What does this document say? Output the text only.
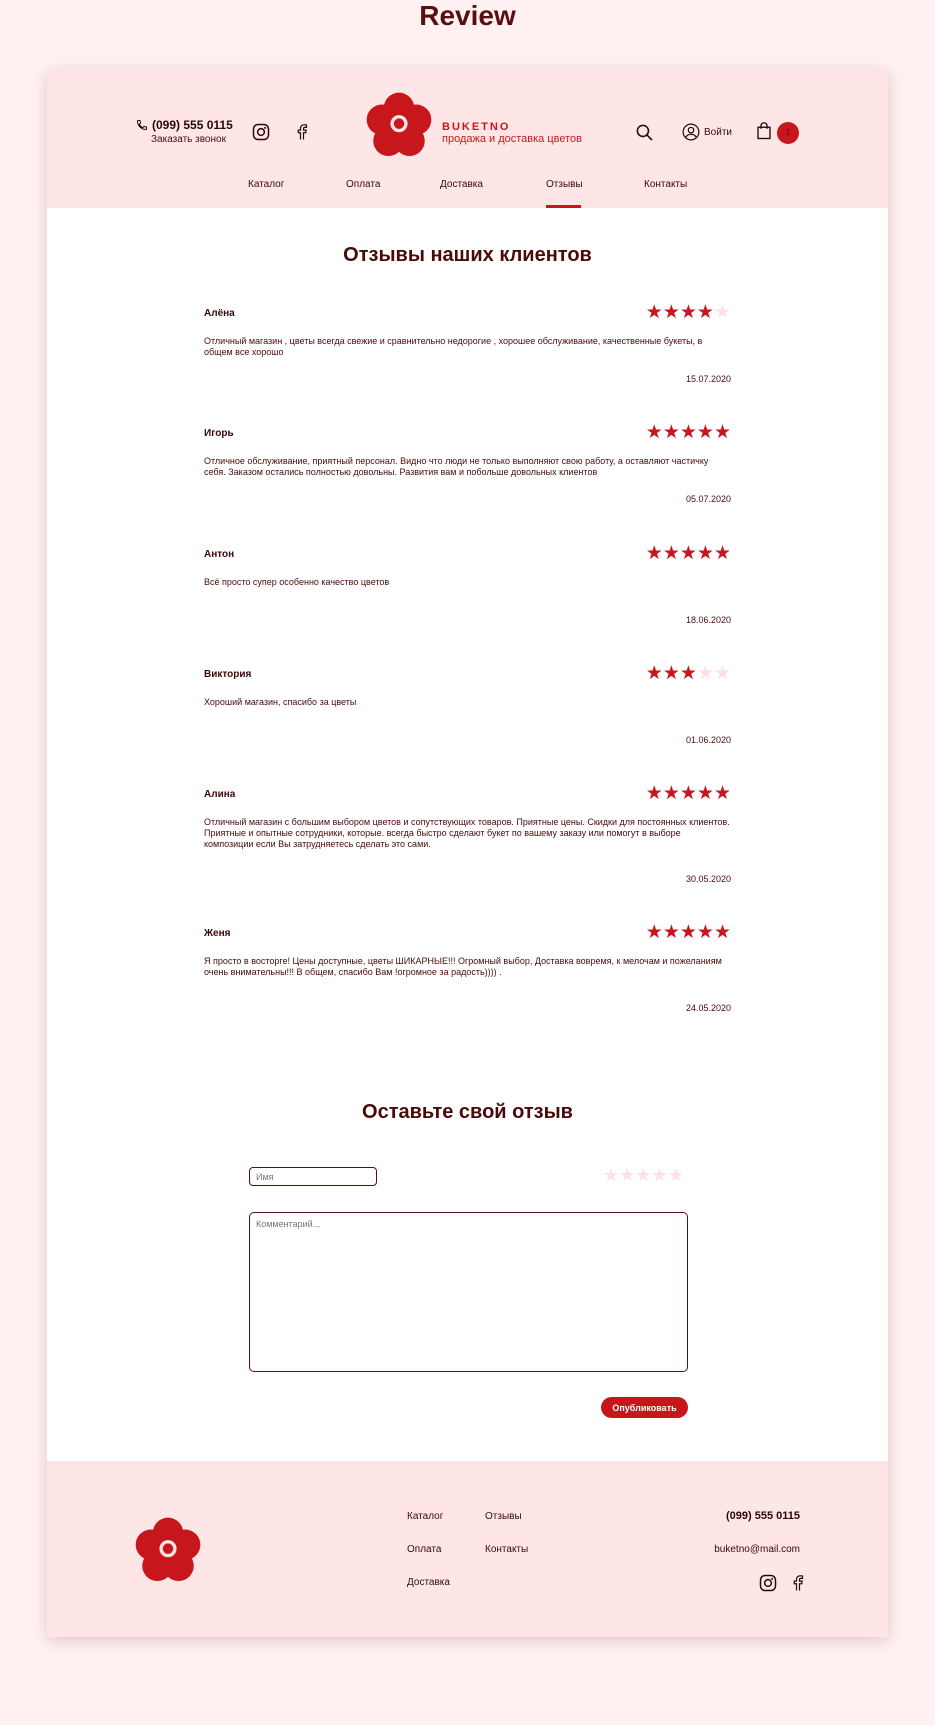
Review
(099) 555 0115
Заказать звонок
BUKETNO
продажа и доставка цветов
Войти	1
Каталог	Оплата	Доставка	Отзывы	Контакты
Отзывы наших клиентов
Алёна	★★★★★
Отличный магазин , цветы всегда свежие и сравнительно недорогие , хорошее обслуживание, качественные букеты, в общем все хорошо
15.07.2020
Игорь	★★★★★
Отличное обслуживание, приятный персонал. Видно что люди не только выполняют свою работу, а оставляют частичку себя. Заказом остались полностью довольны. Развития вам и побольше довольных клиентов
05.07.2020
Антон	★★★★★
Всё просто супер особенно качество цветов
18.06.2020
Виктория	★★★★★
Хороший магазин, спасибо за цветы
01.06.2020
Алина	★★★★★
Отличный магазин с большим выбором цветов и сопутствующих товаров. Приятные цены. Скидки для постоянных клиентов. Приятные и опытные сотрудники, которые. всегда быстро сделают букет по вашему заказу или помогут в выборе композиции если Вы затрудняетесь сделать это сами.
30.05.2020
Женя	★★★★★
Я просто в восторге! Цены доступные, цветы ШИКАРНЫЕ!!! Огромный выбор, Доставка вовремя, к мелочам и пожеланиям очень внимательны!!! В общем, спасибо Вам !огромное за радость)))) .
24.05.2020
Оставьте свой отзыв
Имя
★★★★★
Комментарий...
Опубликовать
Каталог	Отзывы
Оплата	Контакты
Доставка
(099) 555 0115
buketno@mail.com
